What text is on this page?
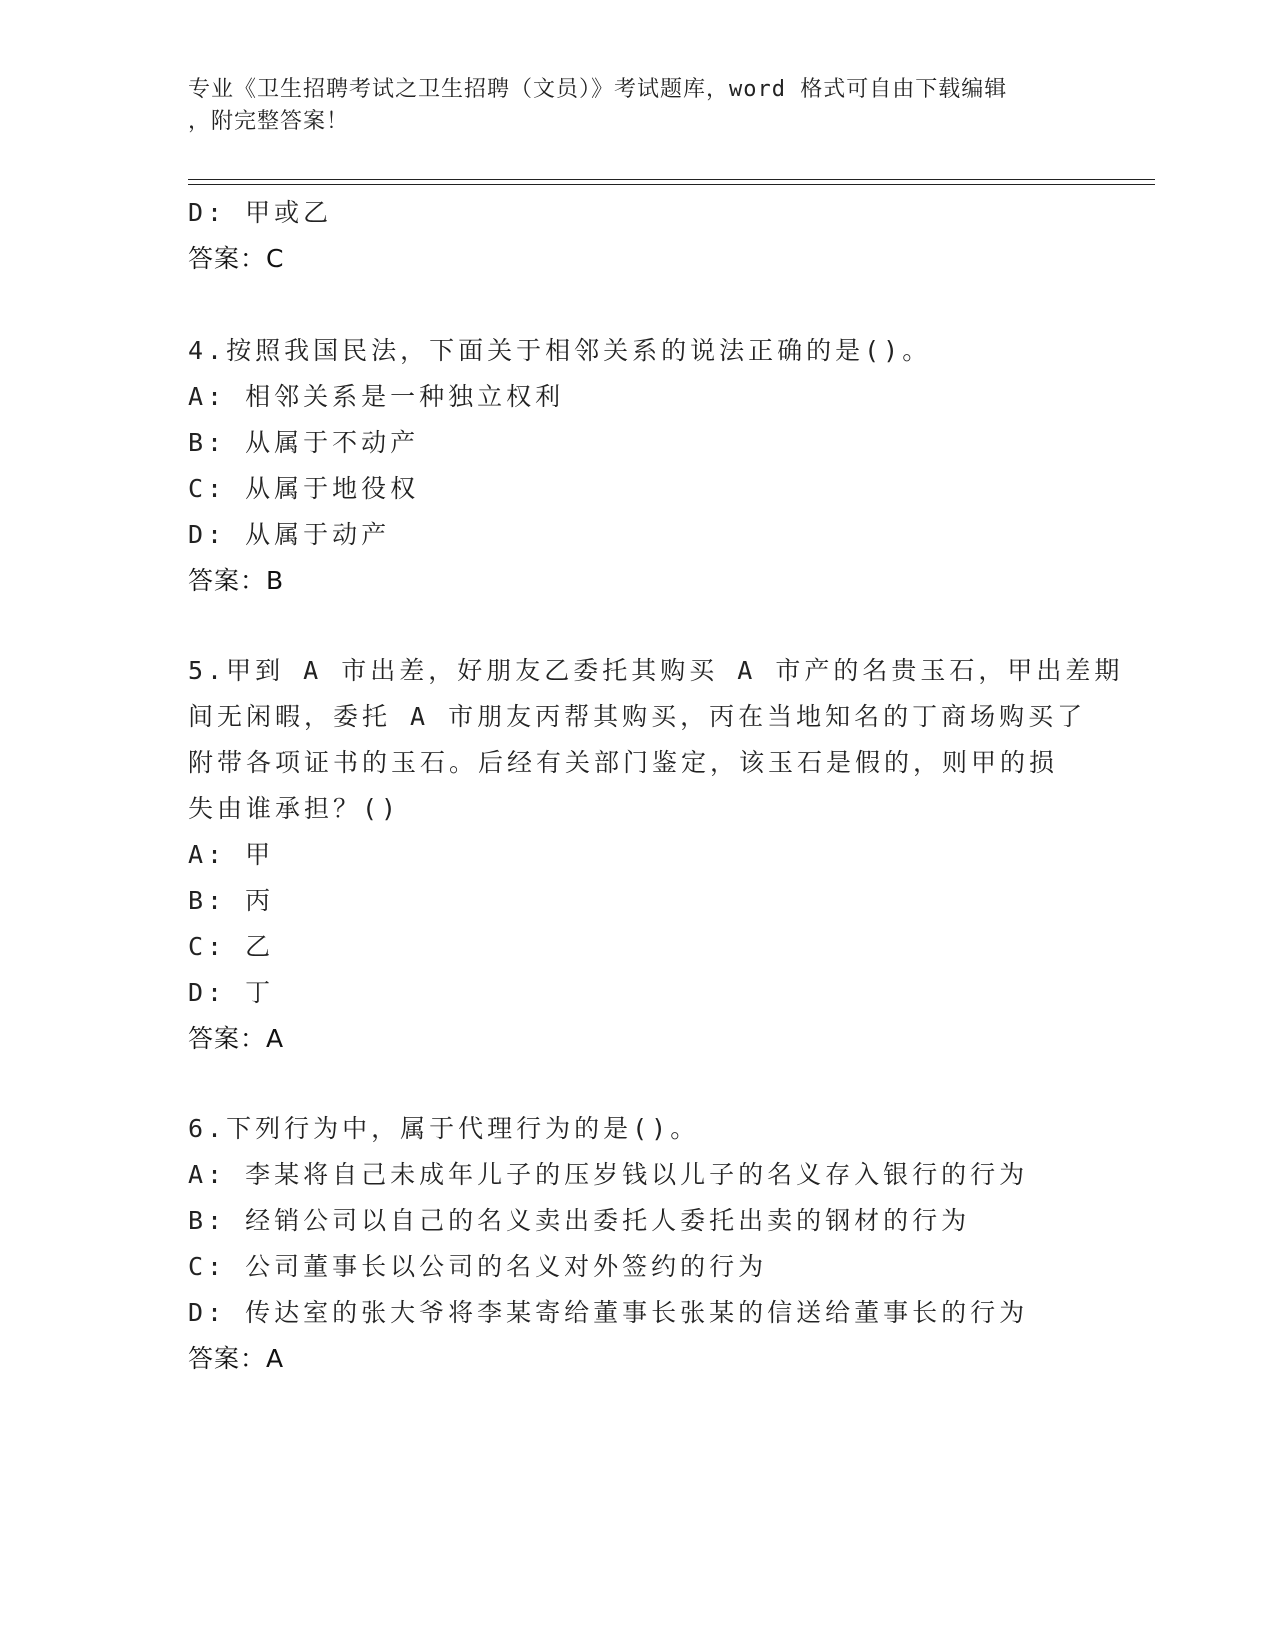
专业《卫生招聘考试之卫生招聘（文员）》考试题库，word 格式可自由下载编辑
，附完整答案！
D: 甲或乙
答案：C
4.按照我国民法，下面关于相邻关系的说法正确的是()。
A: 相邻关系是一种独立权利
B: 从属于不动产
C: 从属于地役权
D: 从属于动产
答案：B
5.甲到 A 市出差，好朋友乙委托其购买 A 市产的名贵玉石，甲出差期
间无闲暇，委托 A 市朋友丙帮其购买，丙在当地知名的丁商场购买了
附带各项证书的玉石。后经有关部门鉴定，该玉石是假的，则甲的损
失由谁承担？()
A: 甲
B: 丙
C: 乙
D: 丁
答案：A
6.下列行为中，属于代理行为的是()。
A: 李某将自己未成年儿子的压岁钱以儿子的名义存入银行的行为
B: 经销公司以自己的名义卖出委托人委托出卖的钢材的行为
C: 公司董事长以公司的名义对外签约的行为
D: 传达室的张大爷将李某寄给董事长张某的信送给董事长的行为
答案：A
